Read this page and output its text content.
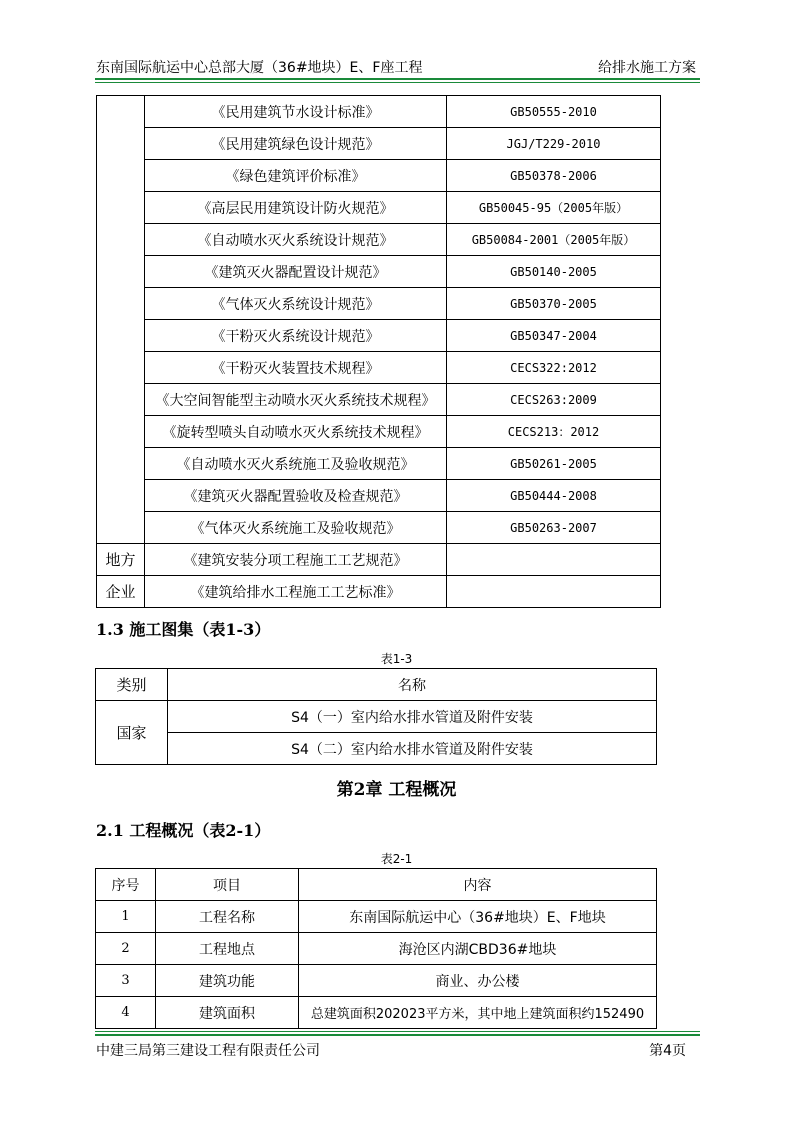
东南国际航运中心总部大厦（36#地块）E、F座工程	给排水施工方案
	《民用建筑节水设计标准》	GB50555-2010
	《民用建筑绿色设计规范》	JGJ/T229-2010
	《绿色建筑评价标准》	GB50378-2006
	《高层民用建筑设计防火规范》	GB50045-95（2005年版）
	《自动喷水灭火系统设计规范》	GB50084-2001（2005年版）
	《建筑灭火器配置设计规范》	GB50140-2005
	《气体灭火系统设计规范》	GB50370-2005
	《干粉灭火系统设计规范》	GB50347-2004
	《干粉灭火装置技术规程》	CECS322:2012
	《大空间智能型主动喷水灭火系统技术规程》	CECS263:2009
	《旋转型喷头自动喷水灭火系统技术规程》	CECS213：2012
	《自动喷水灭火系统施工及验收规范》	GB50261-2005
	《建筑灭火器配置验收及检查规范》	GB50444-2008
	《气体灭火系统施工及验收规范》	GB50263-2007
地方	《建筑安装分项工程施工工艺规范》	
企业	《建筑给排水工程施工工艺标准》	
1.3 施工图集（表1-3）
表1-3
类别	名称
国家	S4（一）室内给水排水管道及附件安装
	S4（二）室内给水排水管道及附件安装
第2章 工程概况
2.1 工程概况（表2-1）
表2-1
序号	项目	内容
1	工程名称	东南国际航运中心（36#地块）E、F地块
2	工程地点	海沧区内湖CBD36#地块
3	建筑功能	商业、办公楼
4	建筑面积	总建筑面积202023平方米，其中地上建筑面积约152490
中建三局第三建设工程有限责任公司	第4页
